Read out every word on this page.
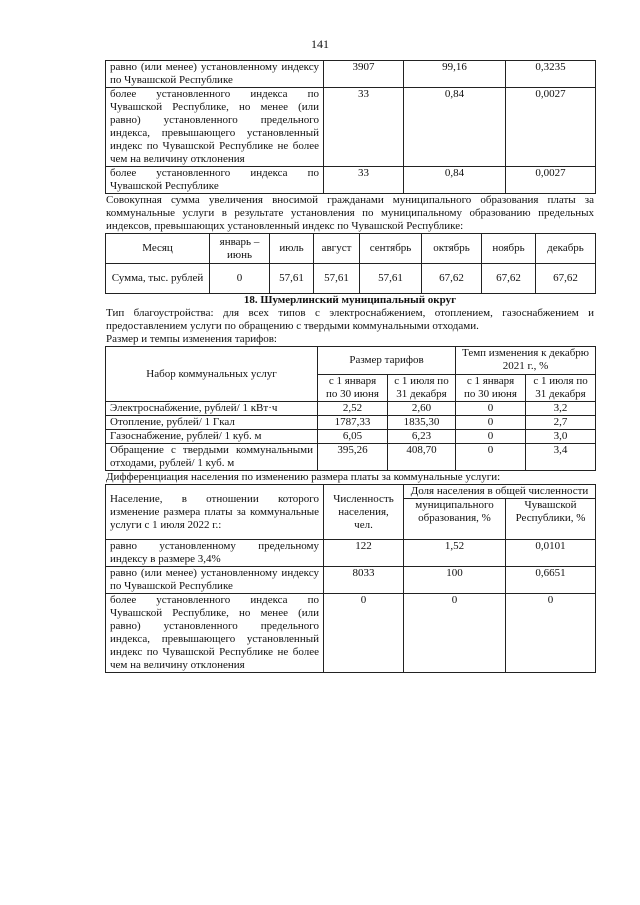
141
равно (или менее) установленному индексу по Чувашской Республике	3907	99,16	0,3235
более установленного индекса по Чувашской Республике, но менее (или равно) установленного предельного индекса, превышающего установленный индекс по Чувашской Республике не более чем на величину отклонения	33	0,84	0,0027
более установленного индекса по Чувашской Республике	33	0,84	0,0027

Совокупная сумма увеличения вносимой гражданами муниципального образования платы за коммунальные услуги в результате установления по муниципальному образованию предельных индексов, превышающих установленный индекс по Чувашской Республике:

Месяц	январь – июнь	июль	август	сентябрь	октябрь	ноябрь	декабрь
Сумма, тыс. рублей	0	57,61	57,61	57,61	67,62	67,62	67,62

18. Шумерлинский муниципальный округ

Тип благоустройства: для всех типов с электроснабжением, отоплением, газоснабжением и предоставлением услуги по обращению с твердыми коммунальными отходами.

Размер и темпы изменения тарифов:

Набор коммунальных услуг	Размер тарифов		Темп изменения к декабрю 2021 г., %	
	с 1 января по 30 июня	с 1 июля по 31 декабря	с 1 января по 30 июня	с 1 июля по 31 декабря
Электроснабжение, рублей/ 1 кВт·ч	2,52	2,60	0	3,2
Отопление, рублей/ 1 Гкал	1787,33	1835,30	0	2,7
Газоснабжение, рублей/ 1 куб. м	6,05	6,23	0	3,0
Обращение с твердыми коммунальными отходами, рублей/ 1 куб. м	395,26	408,70	0	3,4

Дифференциация населения по изменению размера платы за коммунальные услуги:

Население, в отношении которого изменение размера платы за коммунальные услуги с 1 июля 2022 г.:	Численность населения, чел.	Доля населения в общей численности	
		муниципального образования, %	Чувашской Республики, %
равно установленному предельному индексу в размере 3,4%	122	1,52	0,0101
равно (или менее) установленному индексу по Чувашской Республике	8033	100	0,6651
более установленного индекса по Чувашской Республике, но менее (или равно) установленного предельного индекса, превышающего установленный индекс по Чувашской Республике не более чем на величину отклонения	0	0	0
